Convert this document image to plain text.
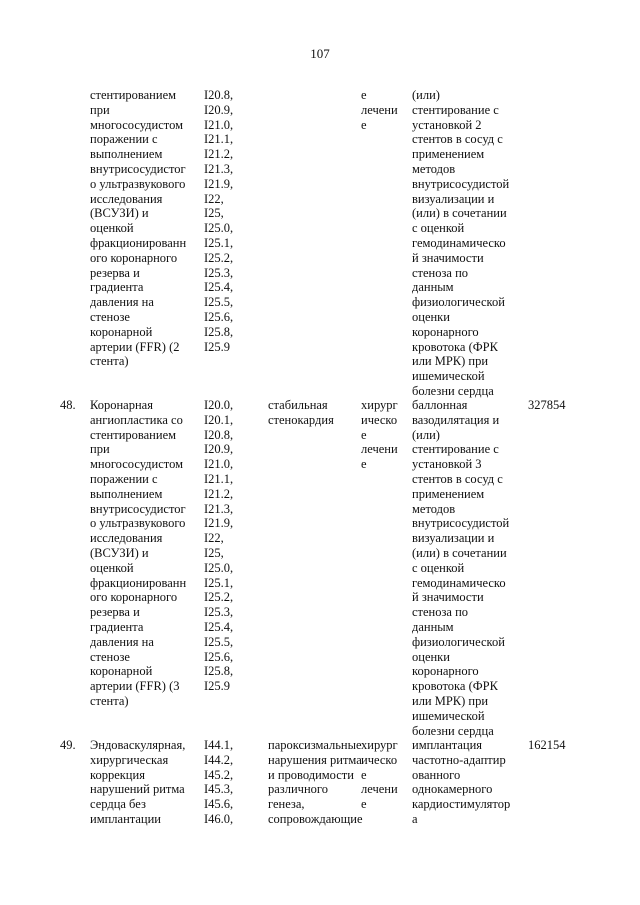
107
стентированием
при
многососудистом
поражении с
выполнением
внутрисосудистог
о ультразвукового
исследования
(ВСУЗИ) и
оценкой
фракционированн
ого коронарного
резерва и
градиента
давления на
стенозе
коронарной
артерии (FFR) (2
стента)
I20.8,
I20.9,
I21.0,
I21.1,
I21.2,
I21.3,
I21.9,
I22,
I25,
I25.0,
I25.1,
I25.2,
I25.3,
I25.4,
I25.5,
I25.6,
I25.8,
I25.9
е
лечени
е
(или)
стентирование с
установкой 2
стентов в сосуд с
применением
методов
внутрисосудистой
визуализации и
(или) в сочетании
с оценкой
гемодинамическо
й значимости
стеноза по
данным
физиологической
оценки
коронарного
кровотока (ФРК
или МРК) при
ишемической
болезни сердца
48. Коронарная
ангиопластика со
стентированием
при
многососудистом
поражении с
выполнением
внутрисосудистог
о ультразвукового
исследования
(ВСУЗИ) и
оценкой
фракционированн
ого коронарного
резерва и
градиента
давления на
стенозе
коронарной
артерии (FFR) (3
стента)
I20.0,
I20.1,
I20.8,
I20.9,
I21.0,
I21.1,
I21.2,
I21.3,
I21.9,
I22,
I25,
I25.0,
I25.1,
I25.2,
I25.3,
I25.4,
I25.5,
I25.6,
I25.8,
I25.9
стабильная
стенокардия
хирург
ическо
е
лечени
е
баллонная
вазодилятация и
(или)
стентирование с
установкой 3
стентов в сосуд с
применением
методов
внутрисосудистой
визуализации и
(или) в сочетании
с оценкой
гемодинамическо
й значимости
стеноза по
данным
физиологической
оценки
коронарного
кровотока (ФРК
или МРК) при
ишемической
болезни сердца
327854
49. Эндоваскулярная,
хирургическая
коррекция
нарушений ритма
сердца без
имплантации
I44.1,
I44.2,
I45.2,
I45.3,
I45.6,
I46.0,
пароксизмальные
нарушения ритма
и проводимости
различного
генеза,
сопровождающие
хирург
ическо
е
лечени
е
имплантация
частотно-адаптир
ованного
однокамерного
кардиостимулятор
а
162154
